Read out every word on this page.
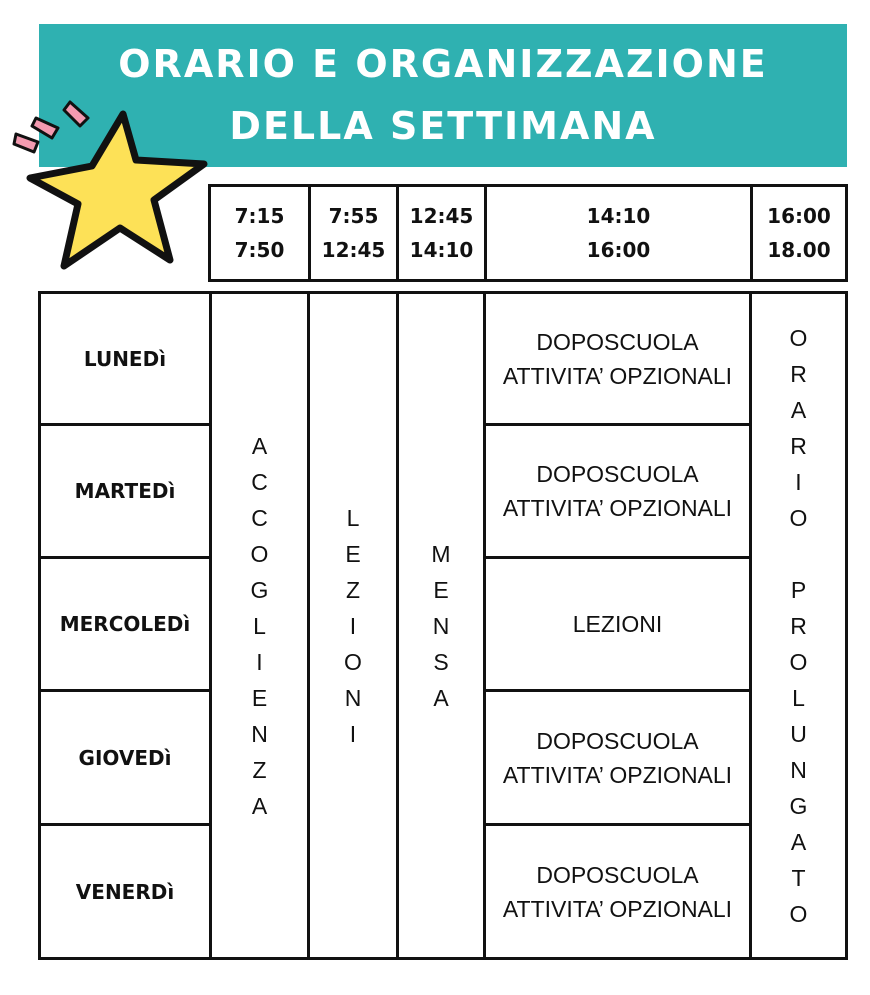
ORARIO E ORGANIZZAZIONE
DELLA SETTIMANA
7:15
7:50
7:55
12:45
12:45
14:10
14:10
16:00
16:00
18.00
LUNEDì
MARTEDì
MERCOLEDì
GIOVEDì
VENERDì
DOPOSCUOLA
ATTIVITA’ OPZIONALI
DOPOSCUOLA
ATTIVITA’ OPZIONALI
LEZIONI
DOPOSCUOLA
ATTIVITA’ OPZIONALI
DOPOSCUOLA
ATTIVITA’ OPZIONALI
A
C
C
O
G
L
I
E
N
Z
A
L
E
Z
I
O
N
I
M
E
N
S
A
O
R
A
R
I
O

P
R
O
L
U
N
G
A
T
O
